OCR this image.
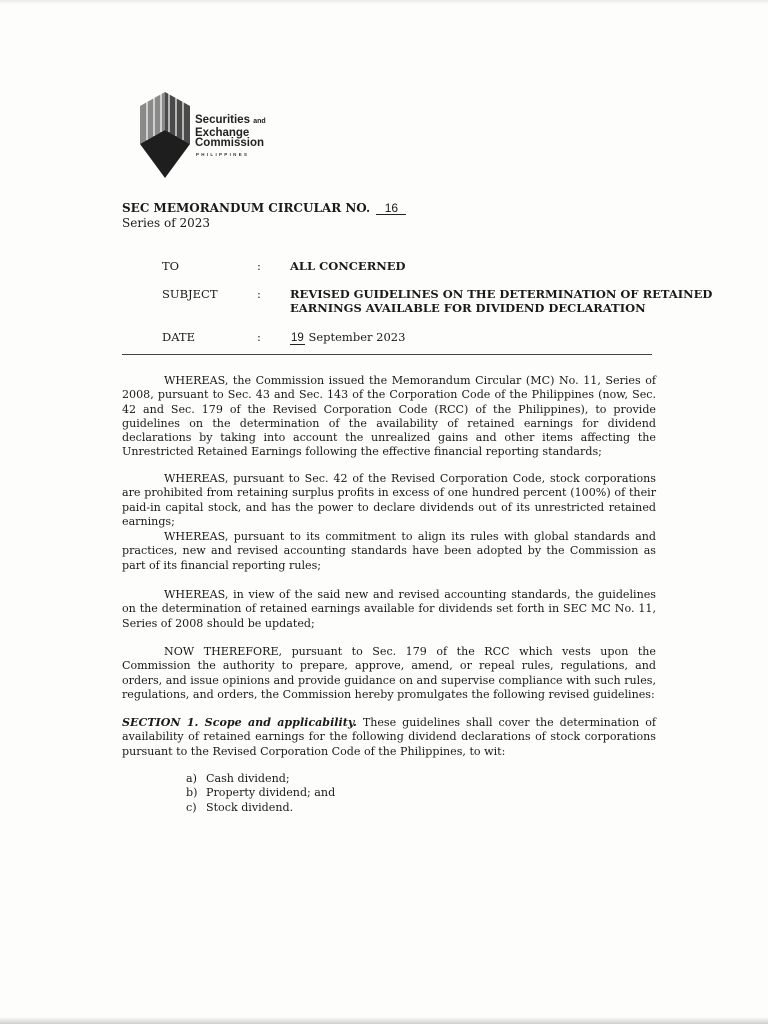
Securities and
Exchange
Commission
PHILIPPINES
SEC MEMORANDUM CIRCULAR NO. 16
Series of 2023
TO	:	ALL CONCERNED
SUBJECT	:	REVISED GUIDELINES ON THE DETERMINATION OF RETAINED
EARNINGS AVAILABLE FOR DIVIDEND DECLARATION
DATE	:	19 September 2023
WHEREAS, the Commission issued the Memorandum Circular (MC) No. 11, Series of 2008, pursuant to Sec. 43 and Sec. 143 of the Corporation Code of the Philippines (now, Sec. 42 and Sec. 179 of the Revised Corporation Code (RCC) of the Philippines), to provide guidelines on the determination of the availability of retained earnings for dividend declarations by taking into account the unrealized gains and other items affecting the Unrestricted Retained Earnings following the effective financial reporting standards;
WHEREAS, pursuant to Sec. 42 of the Revised Corporation Code, stock corporations are prohibited from retaining surplus profits in excess of one hundred percent (100%) of their paid-in capital stock, and has the power to declare dividends out of its unrestricted retained earnings;
WHEREAS, pursuant to its commitment to align its rules with global standards and practices, new and revised accounting standards have been adopted by the Commission as part of its financial reporting rules;
WHEREAS, in view of the said new and revised accounting standards, the guidelines on the determination of retained earnings available for dividends set forth in SEC MC No. 11, Series of 2008 should be updated;
NOW THEREFORE, pursuant to Sec. 179 of the RCC which vests upon the Commission the authority to prepare, approve, amend, or repeal rules, regulations, and orders, and issue opinions and provide guidance on and supervise compliance with such rules, regulations, and orders, the Commission hereby promulgates the following revised guidelines:
SECTION 1. Scope and applicability. These guidelines shall cover the determination of availability of retained earnings for the following dividend declarations of stock corporations pursuant to the Revised Corporation Code of the Philippines, to wit:
a) Cash dividend;
b) Property dividend; and
c) Stock dividend.
